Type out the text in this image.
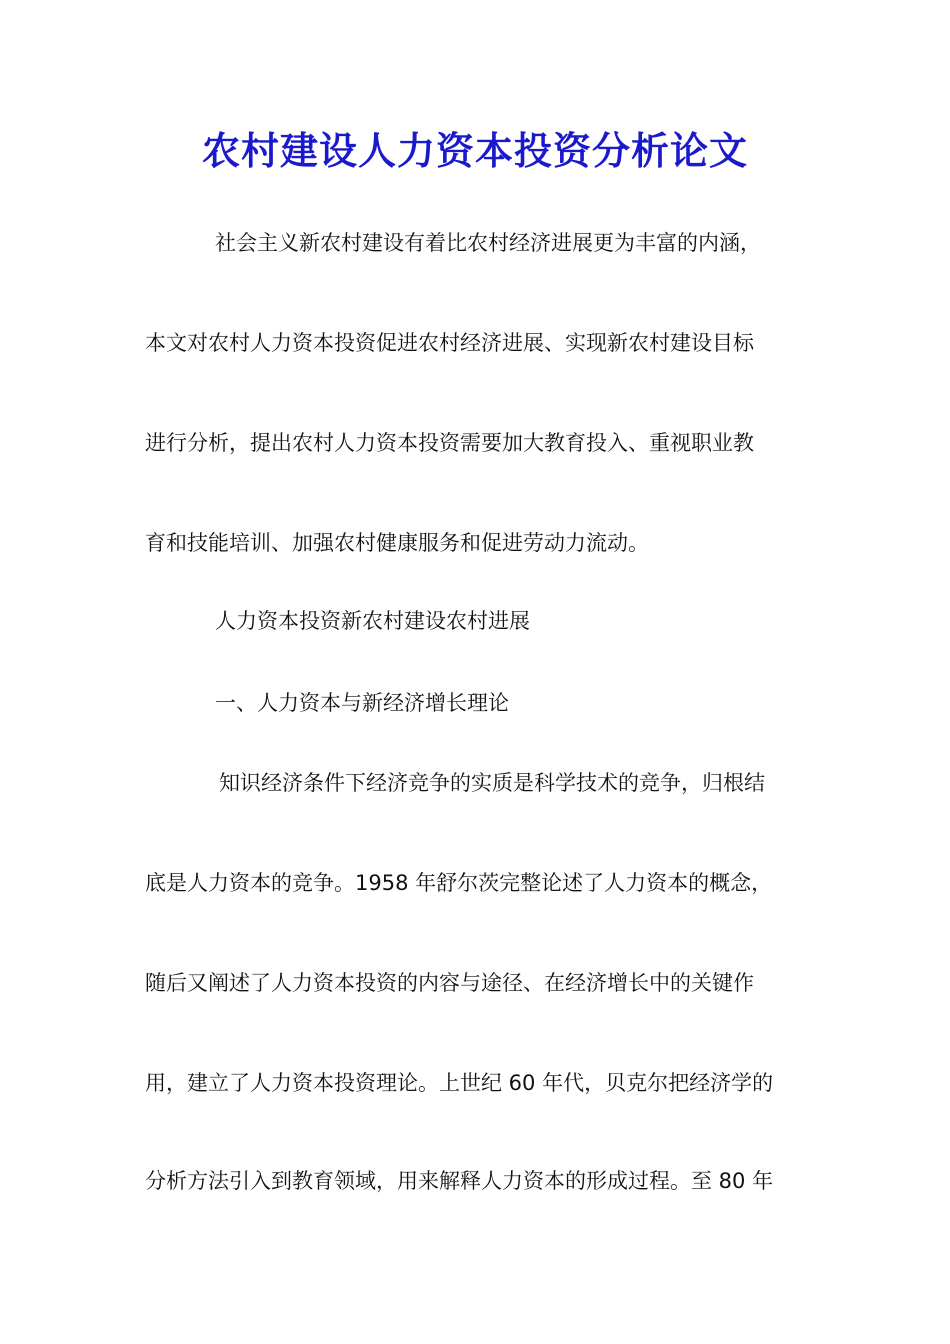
农村建设人力资本投资分析论文
社会主义新农村建设有着比农村经济进展更为丰富的内涵，
本文对农村人力资本投资促进农村经济进展、实现新农村建设目标
进行分析，提出农村人力资本投资需要加大教育投入、重视职业教
育和技能培训、加强农村健康服务和促进劳动力流动。
人力资本投资新农村建设农村进展
一、人力资本与新经济增长理论
知识经济条件下经济竞争的实质是科学技术的竞争，归根结
底是人力资本的竞争。1958 年舒尔茨完整论述了人力资本的概念，
随后又阐述了人力资本投资的内容与途径、在经济增长中的关键作
用，建立了人力资本投资理论。上世纪 60 年代，贝克尔把经济学的
分析方法引入到教育领域，用来解释人力资本的形成过程。至 80 年
